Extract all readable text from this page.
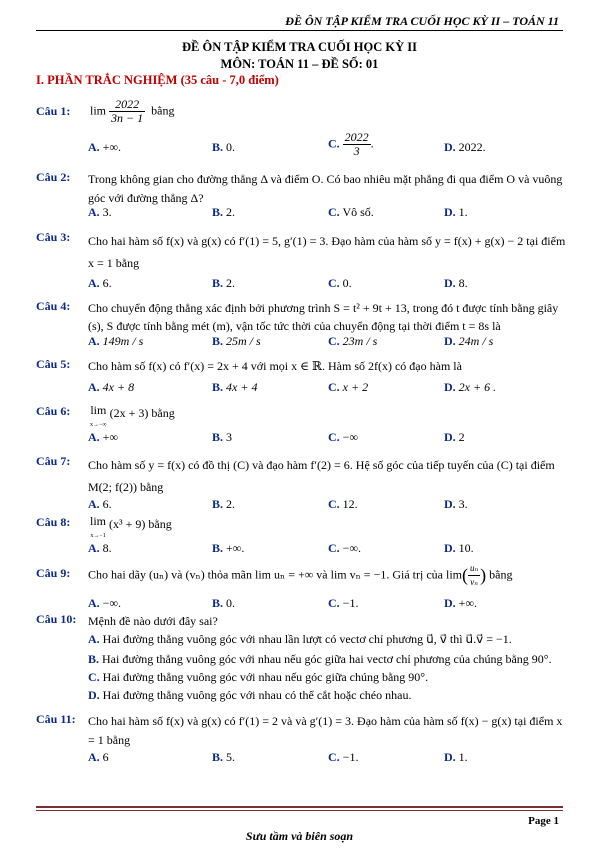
ĐỀ ÔN TẬP KIỂM TRA CUỐI HỌC KỲ II – TOÁN 11
ĐỀ ÔN TẬP KIỂM TRA CUỐI HỌC KỲ II
MÔN: TOÁN 11 – ĐỀ SỐ: 01
I. PHẦN TRẮC NGHIỆM (35 câu - 7,0 điểm)
Câu 1: $\lim \frac{2022}{3n - 1}$ bằng
A. +∞.	B. 0.	C. $\frac{2022}{3}$ .	D. 2022.
Câu 2: Trong không gian cho đường thẳng Δ và điểm O. Có bao nhiêu mặt phẳng đi qua điểm O và vuông góc với đường thẳng Δ?
A. 3.	B. 2.	C. Vô số.	D. 1.
Câu 3: Cho hai hàm số f(x) và g(x) có f′(1) = 5, g′(1) = 3. Đạo hàm của hàm số y = f(x) + g(x) − 2 tại điểm x = 1 bằng
A. 6.	B. 2.	C. 0.	D. 8.
Câu 4: Cho chuyển động thẳng xác định bởi phương trình S = t² + 9t + 13, trong đó t được tính bằng giây (s), S được tính bằng mét (m), vận tốc tức thời của chuyển động tại thời điểm t = 8s là
A. 149m / s	B. 25m / s	C. 23m / s	D. 24m / s
Câu 5: Cho hàm số f(x) có f′(x) = 2x + 4 với mọi x ∈ ℝ. Hàm số 2f(x) có đạo hàm là
A. 4x + 8	B. 4x + 4	C. x + 2	D. 2x + 6 .
Câu 6: lim
x→−∞ (2x + 3) bằng
A. +∞	B. 3	C. −∞	D. 2
Câu 7: Cho hàm số y = f(x) có đồ thị (C) và đạo hàm f′(2) = 6. Hệ số góc của tiếp tuyến của (C) tại điểm M(2; f(2)) bằng
A. 6.	B. 2.	C. 12.	D. 3.
Câu 8: lim
x→−1 (x³ + 9) bằng
A. 8.	B. +∞.	C. −∞.	D. 10.
Câu 9: Cho hai dãy (uₙ) và (vₙ) thỏa mãn lim uₙ = +∞ và lim vₙ = −1. Giá trị của $\lim( \frac{\text{uₙ}}{\text{vₙ}}$ ) bằng
A. −∞.	B. 0.	C. −1.	D. +∞.
Câu 10: Mệnh đề nào dưới đây sai?
A. Hai đường thẳng vuông góc với nhau lần lượt có vectơ chỉ phương u⃗, v⃗ thì u⃗.v⃗ = −1.
B. Hai đường thẳng vuông góc với nhau nếu góc giữa hai vectơ chỉ phương của chúng bằng 90°.
C. Hai đường thẳng vuông góc với nhau nếu góc giữa chúng bằng 90°.
D. Hai đường thẳng vuông góc với nhau có thể cắt hoặc chéo nhau.
Câu 11: Cho hai hàm số f(x) và g(x) có f′(1) = 2 và và g′(1) = 3. Đạo hàm của hàm số f(x) − g(x) tại điểm x = 1 bằng
A. 6	B. 5.	C. −1.	D. 1.
Page 1
Sưu tầm và biên soạn
